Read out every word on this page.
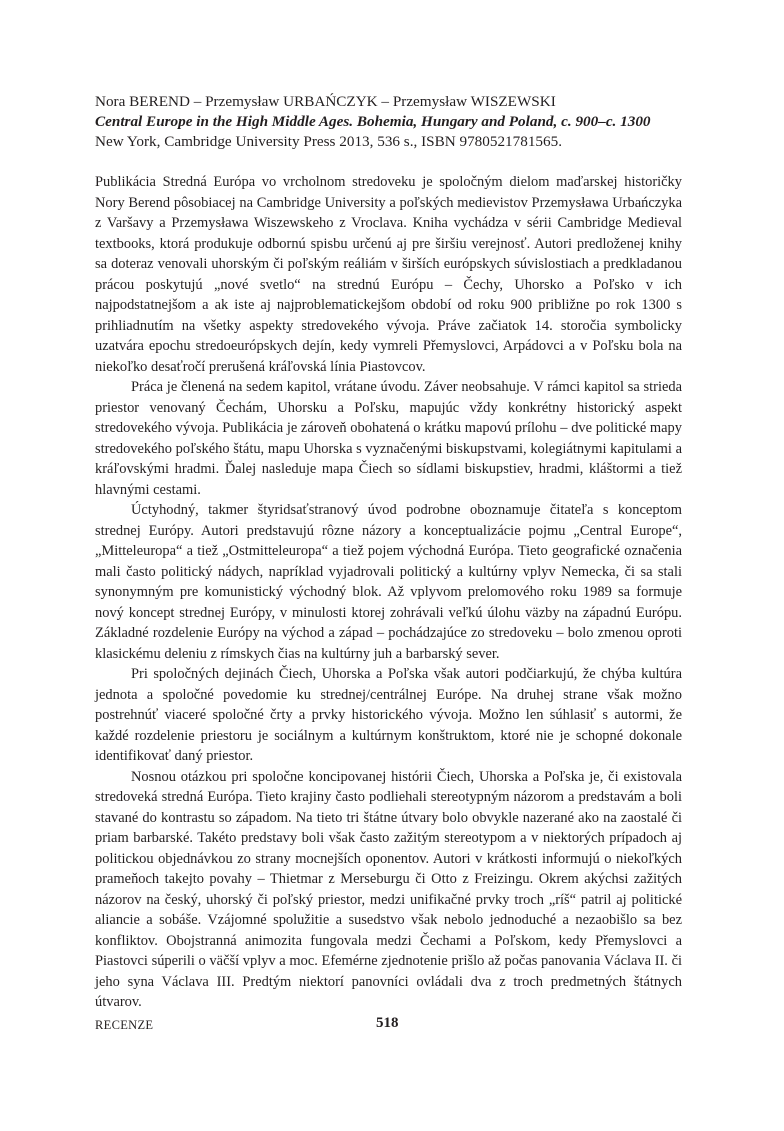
Nora BEREND – Przemysław URBAŃCZYK – Przemysław WISZEWSKI

Central Europe in the High Middle Ages. Bohemia, Hungary and Poland, c. 900–c. 1300

New York, Cambridge University Press 2013, 536 s., ISBN 9780521781565.

Publikácia Stredná Európa vo vrcholnom stredoveku je spoločným dielom maďarskej historičky Nory Berend pôsobiacej na Cambridge University a poľských medievistov Przemysława Urbańczyka z Varšavy a Przemysława Wiszewskeho z Vroclava. Kniha vychádza v sérii Cambridge Medieval textbooks, ktorá produkuje odbornú spisbu určenú aj pre širšiu verejnosť. Autori predloženej knihy sa doteraz venovali uhorským či poľským reáliám v širších európskych súvislostiach a predkladanou prácou poskytujú „nové svetlo“ na strednú Európu – Čechy, Uhorsko a Poľsko v ich najpodstatnejšom a ak iste aj najproblematickejšom období od roku 900 približne po rok 1300 s prihliadnutím na všetky aspekty stredovekého vývoja. Práve začiatok 14. storočia symbolicky uzatvára epochu stredoeurópskych dejín, kedy vymreli Přemyslovci, Arpádovci a v Poľsku bola na niekoľko desaťročí prerušená kráľovská línia Piastovcov.

Práca je členená na sedem kapitol, vrátane úvodu. Záver neobsahuje. V rámci kapitol sa strieda priestor venovaný Čechám, Uhorsku a Poľsku, mapujúc vždy konkrétny historický aspekt stredovekého vývoja. Publikácia je zároveň obohatená o krátku mapovú prílohu – dve politické mapy stredovekého poľského štátu, mapu Uhorska s vyznačenými biskupstvami, kolegiátnymi kapitulami a kráľovskými hradmi. Ďalej nasleduje mapa Čiech so sídlami biskupstiev, hradmi, kláštormi a tiež hlavnými cestami.

Úctyhodný, takmer štyridsaťstranový úvod podrobne oboznamuje čitateľa s konceptom strednej Európy. Autori predstavujú rôzne názory a konceptualizácie pojmu „Central Europe“, „Mitteleuropa“ a tiež „Ostmitteleuropa“ a tiež pojem východná Európa. Tieto geografické označenia mali často politický nádych, napríklad vyjadrovali politický a kultúrny vplyv Nemecka, či sa stali synonymným pre komunistický východný blok. Až vplyvom prelomového roku 1989 sa formuje nový koncept strednej Európy, v minulosti ktorej zohrávali veľkú úlohu väzby na západnú Európu. Základné rozdelenie Európy na východ a západ – pochádzajúce zo stredoveku – bolo zmenou oproti klasickému deleniu z rímskych čias na kultúrny juh a barbarský sever.

Pri spoločných dejinách Čiech, Uhorska a Poľska však autori podčiarkujú, že chýba kultúra jednota a spoločné povedomie ku strednej/centrálnej Európe. Na druhej strane však možno postrehnúť viaceré spoločné črty a prvky historického vývoja. Možno len súhlasiť s autormi, že každé rozdelenie priestoru je sociálnym a kultúrnym konštruktom, ktoré nie je schopné dokonale identifikovať daný priestor.

Nosnou otázkou pri spoločne koncipovanej histórii Čiech, Uhorska a Poľska je, či existovala stredoveká stredná Európa. Tieto krajiny často podliehali stereotypným názorom a predstavám a boli stavané do kontrastu so západom. Na tieto tri štátne útvary bolo obvykle nazerané ako na zaostalé či priam barbarské. Takéto predstavy boli však často zažitým stereotypom a v niektorých prípadoch aj politickou objednávkou zo strany mocnejších oponentov. Autori v krátkosti informujú o niekoľkých prameňoch takejto povahy – Thietmar z Merseburgu či Otto z Freizingu. Okrem akýchsi zažitých názorov na český, uhorský či poľský priestor, medzi unifikačné prvky troch „ríš“ patril aj politické aliancie a sobáše. Vzájomné spolužitie a susedstvo však nebolo jednoduché a nezaobišlo sa bez konfliktov. Obojstranná animozita fungovala medzi Čechami a Poľskom, kedy Přemyslovci a Piastovci súperili o väčší vplyv a moc. Efemérne zjednotenie prišlo až počas panovania Václava II. či jeho syna Václava III. Predtým niektorí panovníci ovládali dva z troch predmetných štátnych útvarov.

RECENZE	518
